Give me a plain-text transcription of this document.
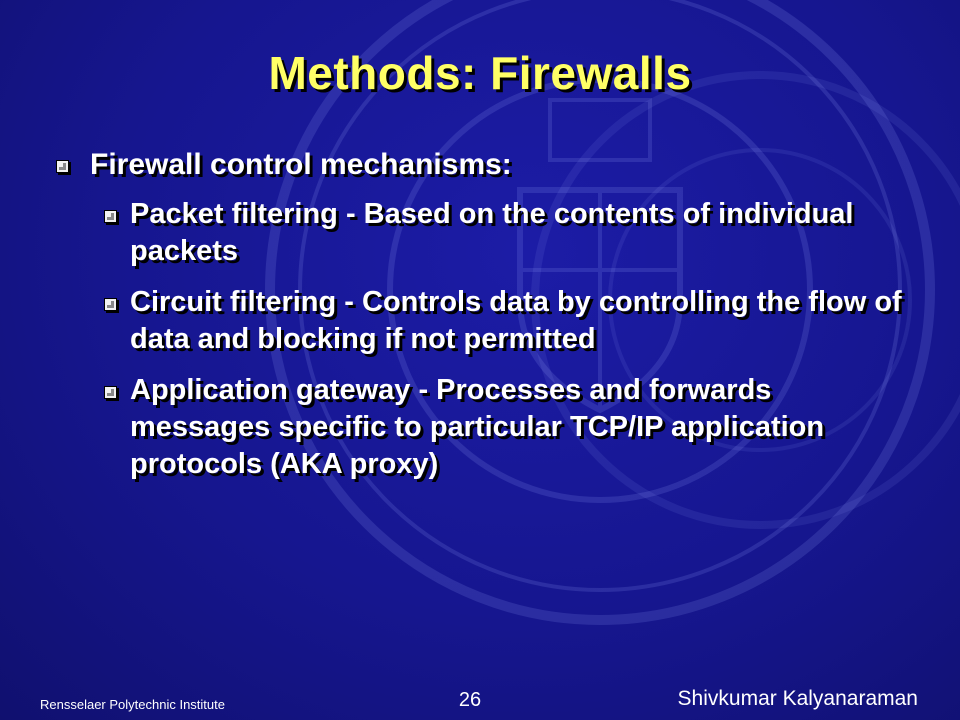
Methods: Firewalls
Firewall control mechanisms:
Packet filtering - Based on the contents of individual packets
Circuit filtering - Controls data by controlling the flow of data and blocking if not permitted
Application gateway - Processes and forwards messages specific to particular TCP/IP application protocols (AKA proxy)
Rensselaer Polytechnic Institute	26	Shivkumar Kalyanaraman
